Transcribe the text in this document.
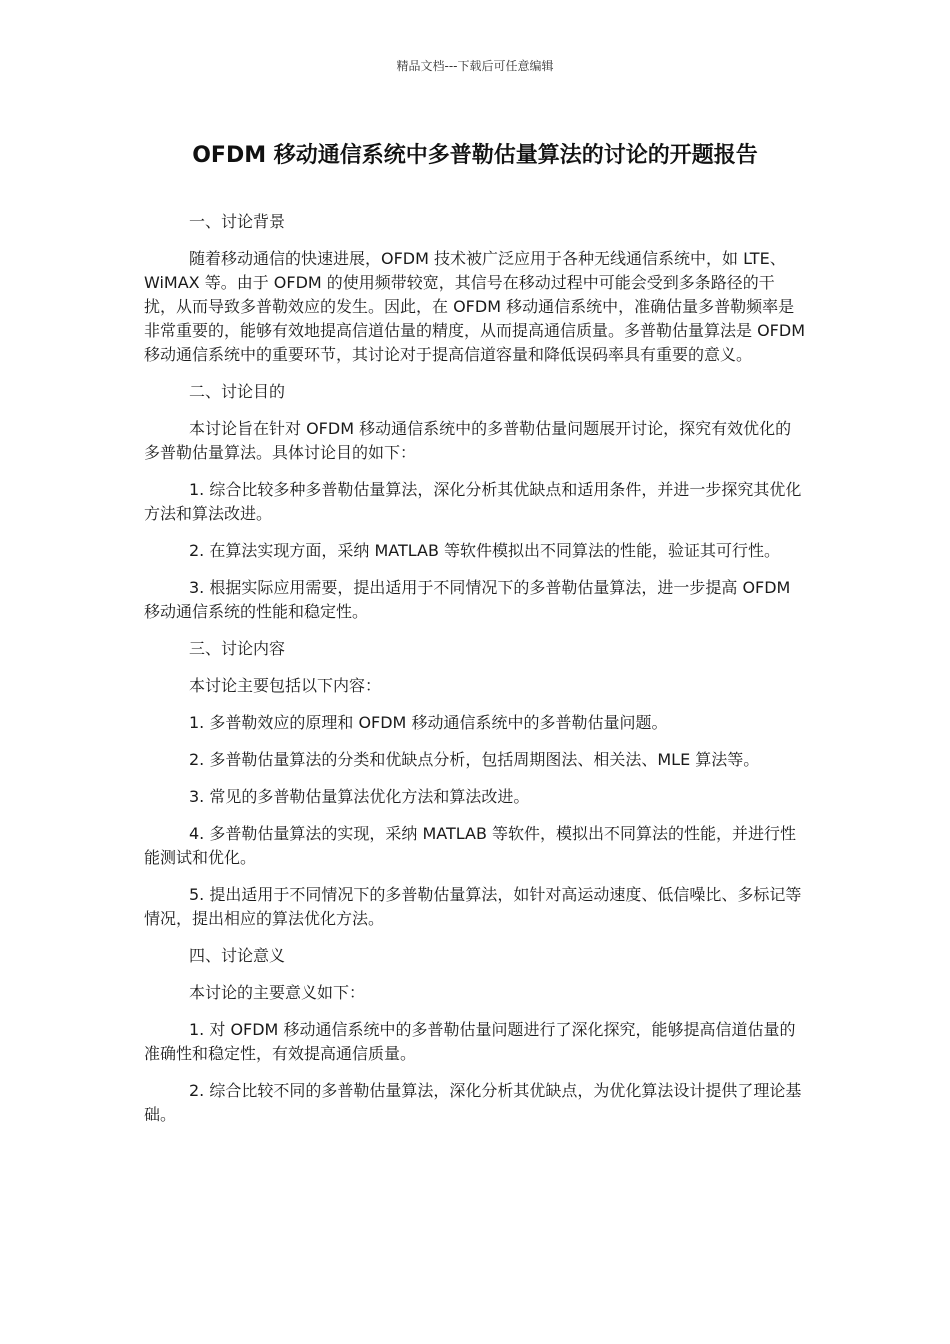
精品文档---下载后可任意编辑
OFDM 移动通信系统中多普勒估量算法的讨论的开题报告

一、讨论背景

随着移动通信的快速进展，OFDM 技术被广泛应用于各种无线通信系统中，如 LTE、WiMAX 等。由于 OFDM 的使用频带较宽，其信号在移动过程中可能会受到多条路径的干扰，从而导致多普勒效应的发生。因此，在 OFDM 移动通信系统中，准确估量多普勒频率是非常重要的，能够有效地提高信道估量的精度，从而提高通信质量。多普勒估量算法是 OFDM 移动通信系统中的重要环节，其讨论对于提高信道容量和降低误码率具有重要的意义。

二、讨论目的

本讨论旨在针对 OFDM 移动通信系统中的多普勒估量问题展开讨论，探究有效优化的多普勒估量算法。具体讨论目的如下：

1. 综合比较多种多普勒估量算法，深化分析其优缺点和适用条件，并进一步探究其优化方法和算法改进。

2. 在算法实现方面，采纳 MATLAB 等软件模拟出不同算法的性能，验证其可行性。

3. 根据实际应用需要，提出适用于不同情况下的多普勒估量算法，进一步提高 OFDM 移动通信系统的性能和稳定性。

三、讨论内容

本讨论主要包括以下内容：

1. 多普勒效应的原理和 OFDM 移动通信系统中的多普勒估量问题。

2. 多普勒估量算法的分类和优缺点分析，包括周期图法、相关法、MLE 算法等。

3. 常见的多普勒估量算法优化方法和算法改进。

4. 多普勒估量算法的实现，采纳 MATLAB 等软件，模拟出不同算法的性能，并进行性能测试和优化。

5. 提出适用于不同情况下的多普勒估量算法，如针对高运动速度、低信噪比、多标记等情况，提出相应的算法优化方法。

四、讨论意义

本讨论的主要意义如下：

1. 对 OFDM 移动通信系统中的多普勒估量问题进行了深化探究，能够提高信道估量的准确性和稳定性，有效提高通信质量。

2. 综合比较不同的多普勒估量算法，深化分析其优缺点，为优化算法设计提供了理论基础。
